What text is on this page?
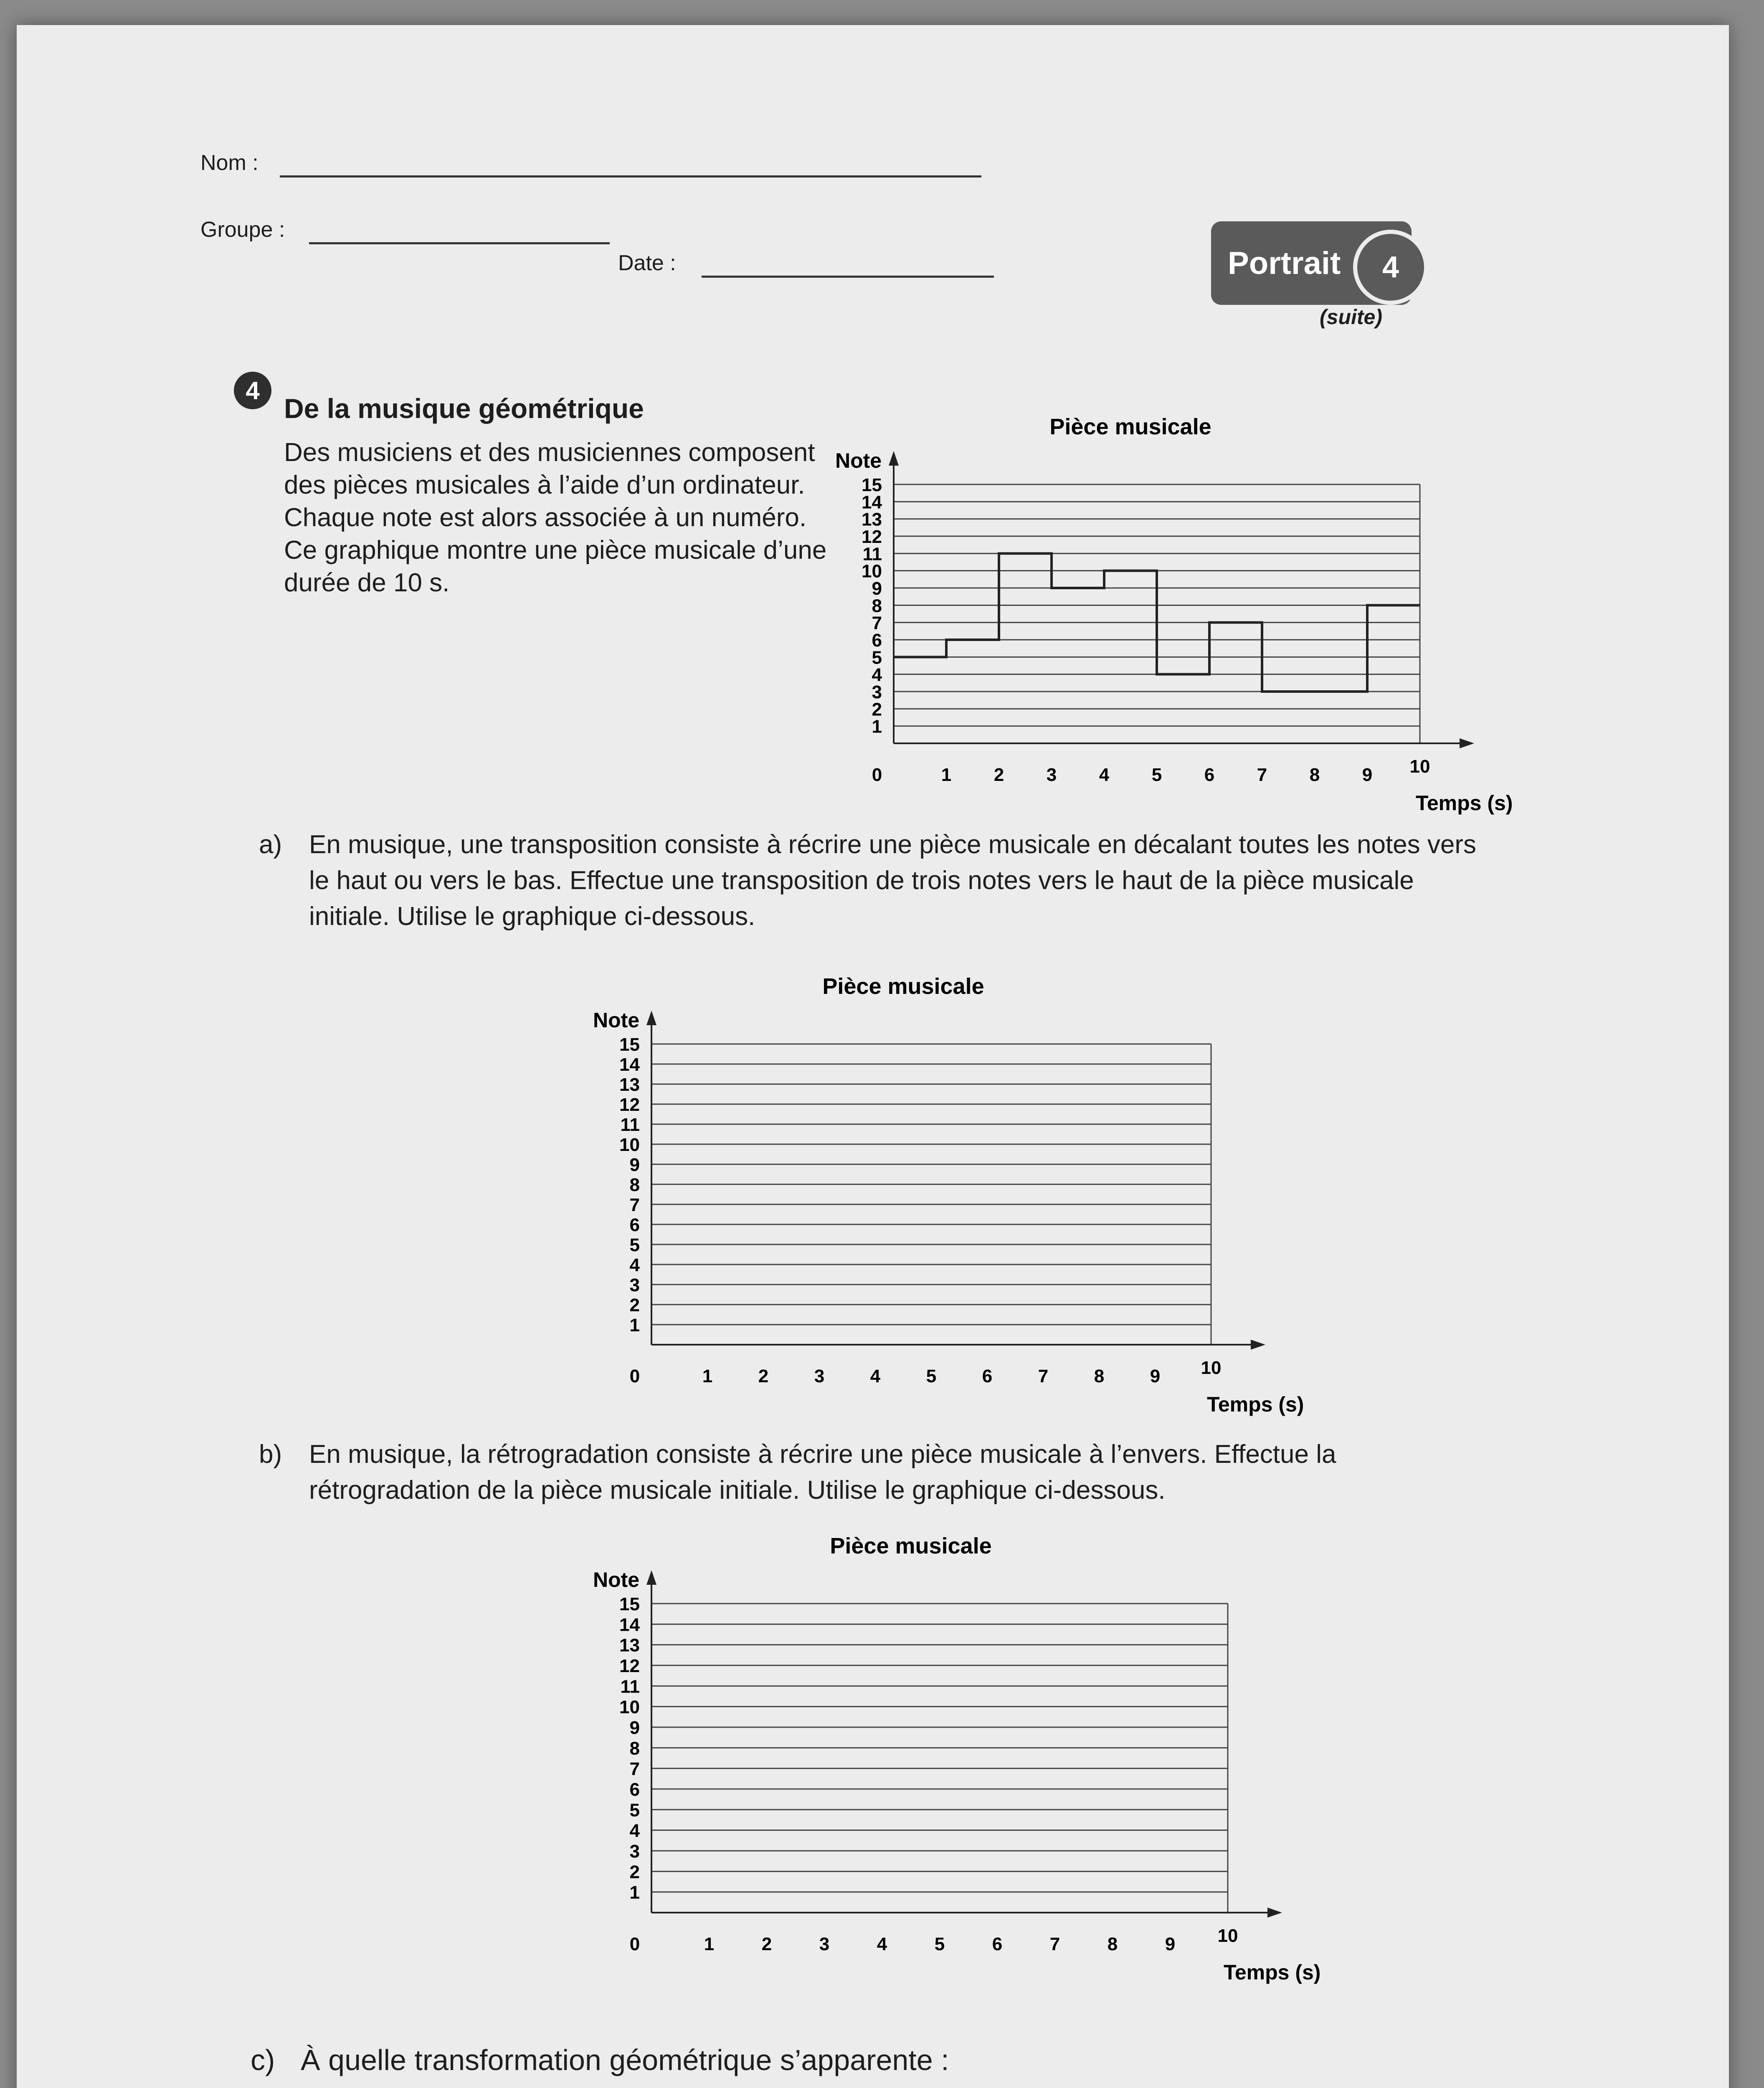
Nom :
Groupe :
Date :	Portrait	4
(suite)
4
De la musique géométrique
Des musiciens et des musiciennes composent des pièces musicales à l’aide d’un ordinateur. Chaque note est alors associée à un numéro. Ce graphique montre une pièce musicale d’une durée de 10 s.
Pièce musicale
Note
Temps (s)
1
2
3
4
5
6
7
8
9
10
11
12
13
14
15
0	1 2 3 4 5 6 7 8 9 10
a) En musique, une transposition consiste à récrire une pièce musicale en décalant toutes les notes vers le haut ou vers le bas. Effectue une transposition de trois notes vers le haut de la pièce musicale initiale. Utilise le graphique ci-dessous.
Pièce musicale
Note
Temps (s)
1
2
3
4
5
6
7
8
9
10
11
12
13
14
15
0	1 2 3 4 5 6 7 8 9 10
b) En musique, la rétrogradation consiste à récrire une pièce musicale à l’envers. Effectue la rétrogradation de la pièce musicale initiale. Utilise le graphique ci-dessous.
Pièce musicale
Note
Temps (s)
1
2
3
4
5
6
7
8
9
10
11
12
13
14
15
0	1	2	3	4	5	6	7	8	9 10
c) À quelle transformation géométrique s’apparente :
